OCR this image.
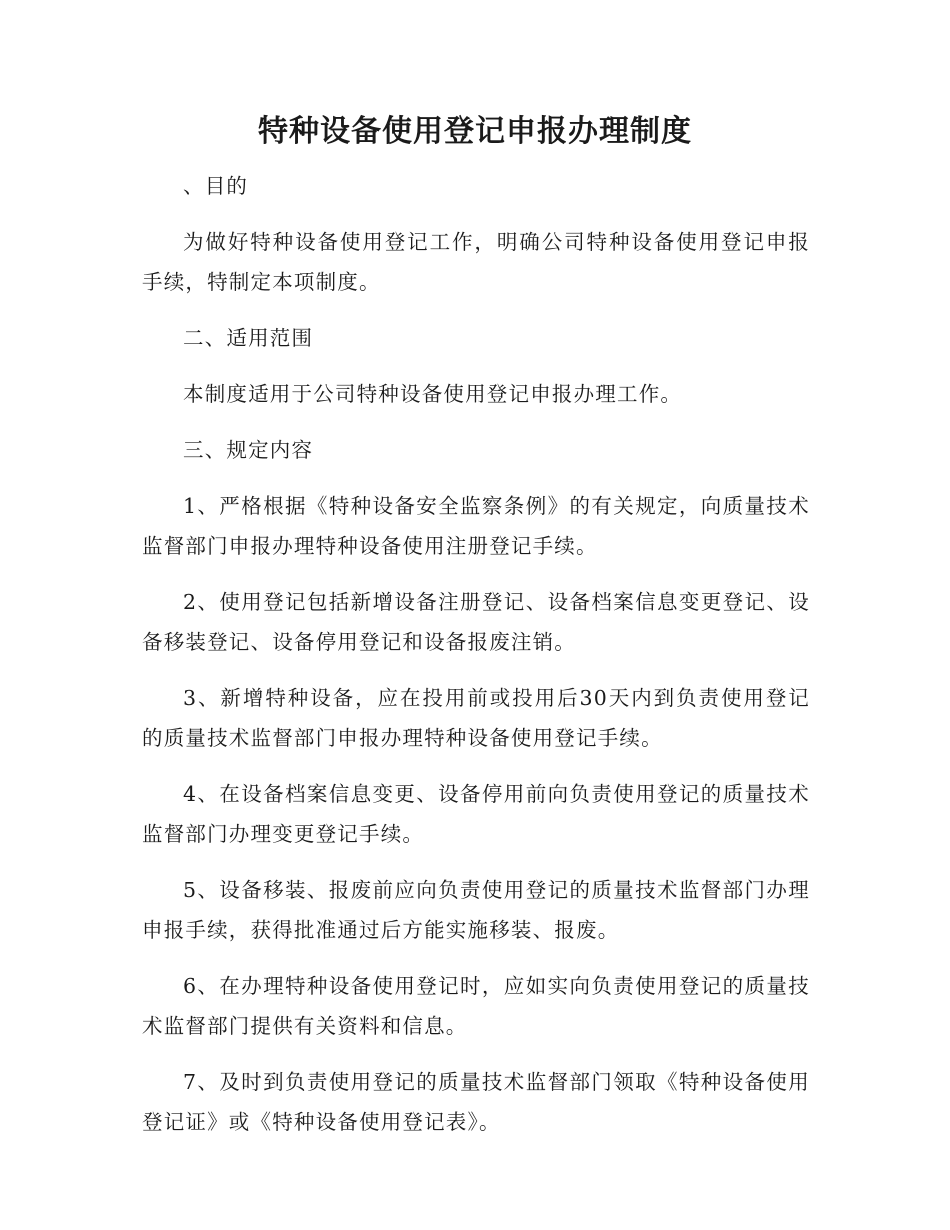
特种设备使用登记申报办理制度

、目的

为做好特种设备使用登记工作，明确公司特种设备使用登记申报手续，特制定本项制度。

二、适用范围

本制度适用于公司特种设备使用登记申报办理工作。

三、规定内容

1、严格根据《特种设备安全监察条例》的有关规定，向质量技术监督部门申报办理特种设备使用注册登记手续。

2、使用登记包括新增设备注册登记、设备档案信息变更登记、设备移装登记、设备停用登记和设备报废注销。

3、新增特种设备，应在投用前或投用后30天内到负责使用登记的质量技术监督部门申报办理特种设备使用登记手续。

4、在设备档案信息变更、设备停用前向负责使用登记的质量技术监督部门办理变更登记手续。

5、设备移装、报废前应向负责使用登记的质量技术监督部门办理申报手续，获得批准通过后方能实施移装、报废。

6、在办理特种设备使用登记时，应如实向负责使用登记的质量技术监督部门提供有关资料和信息。

7、及时到负责使用登记的质量技术监督部门领取《特种设备使用登记证》或《特种设备使用登记表》。
